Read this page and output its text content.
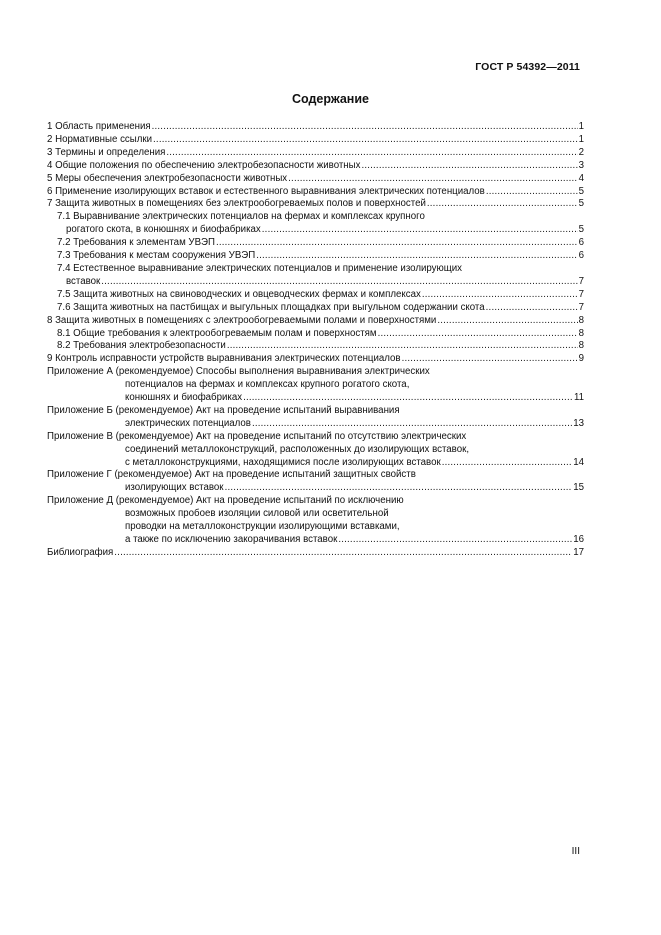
ГОСТ Р 54392—2011
Содержание
1 Область применения .....	1
2 Нормативные ссылки .....	1
3 Термины и определения .....	2
4 Общие положения по обеспечению электробезопасности животных .....	3
5 Меры обеспечения электробезопасности животных .....	4
6 Применение изолирующих вставок и естественного выравнивания электрических потенциалов .....	5
7 Защита животных в помещениях без электрообогреваемых полов и поверхностей .....	5
7.1 Выравнивание электрических потенциалов на фермах и комплексах крупного
рогатого скота, в конюшнях и биофабриках .....	5
7.2 Требования к элементам УВЭП .....	6
7.3 Требования к местам сооружения УВЭП .....	6
7.4 Естественное выравнивание электрических потенциалов и применение изолирующих
вставок .....	7
7.5 Защита животных на свиноводческих и овцеводческих фермах и комплексах .....	7
7.6 Защита животных на пастбищах и выгульных площадках при выгульном содержании скота .....	7
8 Защита животных в помещениях с электрообогреваемыми полами и поверхностями .....	8
8.1 Общие требования к электрообогреваемым полам и поверхностям .....	8
8.2 Требования электробезопасности .....	8
9 Контроль исправности устройств выравнивания электрических потенциалов .....	9
Приложение А (рекомендуемое) Способы выполнения выравнивания электрических
потенциалов на фермах и комплексах крупного рогатого скота,
конюшнях и биофабриках .....	11
Приложение Б (рекомендуемое) Акт на проведение испытаний выравнивания
электрических потенциалов .....	13
Приложение В (рекомендуемое) Акт на проведение испытаний по отсутствию электрических
соединений металлоконструкций, расположенных до изолирующих вставок,
с металлоконструкциями, находящимися после изолирующих вставок .....	14
Приложение Г (рекомендуемое) Акт на проведение испытаний защитных свойств
изолирующих вставок .....	15
Приложение Д (рекомендуемое) Акт на проведение испытаний по исключению
возможных пробоев изоляции силовой или осветительной
проводки на металлоконструкции изолирующими вставками,
а также по исключению закорачивания вставок .....	16
Библиография .....	17
III
